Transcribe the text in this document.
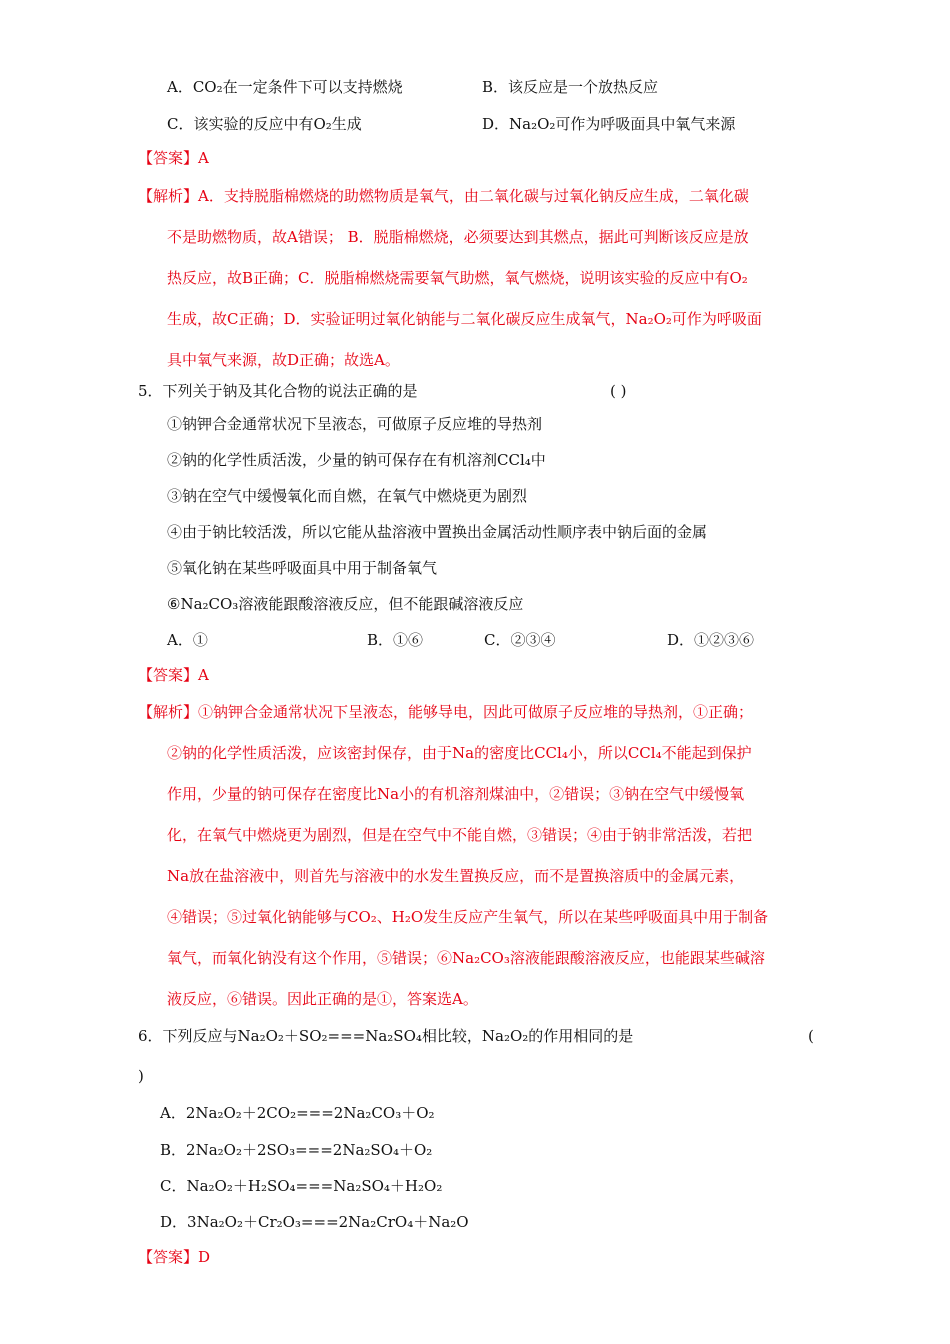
A．CO₂在一定条件下可以支持燃烧	B．该反应是一个放热反应
C．该实验的反应中有O₂生成	D．Na₂O₂可作为呼吸面具中氧气来源
【答案】A
【解析】A．支持脱脂棉燃烧的助燃物质是氧气，由二氧化碳与过氧化钠反应生成，二氧化碳
不是助燃物质，故A错误； B．脱脂棉燃烧，必须要达到其燃点，据此可判断该反应是放
热反应，故B正确；C．脱脂棉燃烧需要氧气助燃，氧气燃烧，说明该实验的反应中有O₂
生成，故C正确；D．实验证明过氧化钠能与二氧化碳反应生成氧气，Na₂O₂可作为呼吸面
具中氧气来源，故D正确；故选A。
5．下列关于钠及其化合物的说法正确的是	( )
①钠钾合金通常状况下呈液态，可做原子反应堆的导热剂
②钠的化学性质活泼，少量的钠可保存在有机溶剂CCl₄中
③钠在空气中缓慢氧化而自燃，在氧气中燃烧更为剧烈
④由于钠比较活泼，所以它能从盐溶液中置换出金属活动性顺序表中钠后面的金属
⑤氧化钠在某些呼吸面具中用于制备氧气
⑥Na₂CO₃溶液能跟酸溶液反应，但不能跟碱溶液反应
A．①	B．①⑥	C．②③④	D．①②③⑥
【答案】A
【解析】①钠钾合金通常状况下呈液态，能够导电，因此可做原子反应堆的导热剂，①正确；
②钠的化学性质活泼，应该密封保存，由于Na的密度比CCl₄小，所以CCl₄不能起到保护
作用，少量的钠可保存在密度比Na小的有机溶剂煤油中，②错误；③钠在空气中缓慢氧
化，在氧气中燃烧更为剧烈，但是在空气中不能自燃，③错误；④由于钠非常活泼，若把
Na放在盐溶液中，则首先与溶液中的水发生置换反应，而不是置换溶质中的金属元素，
④错误；⑤过氧化钠能够与CO₂、H₂O发生反应产生氧气，所以在某些呼吸面具中用于制备
氧气，而氧化钠没有这个作用，⑤错误；⑥Na₂CO₃溶液能跟酸溶液反应，也能跟某些碱溶
液反应，⑥错误。因此正确的是①，答案选A。
6．下列反应与Na₂O₂＋SO₂===Na₂SO₄相比较，Na₂O₂的作用相同的是	(
)
A．2Na₂O₂＋2CO₂===2Na₂CO₃＋O₂
B．2Na₂O₂＋2SO₃===2Na₂SO₄＋O₂
C．Na₂O₂＋H₂SO₄===Na₂SO₄＋H₂O₂
D．3Na₂O₂＋Cr₂O₃===2Na₂CrO₄＋Na₂O
【答案】D
